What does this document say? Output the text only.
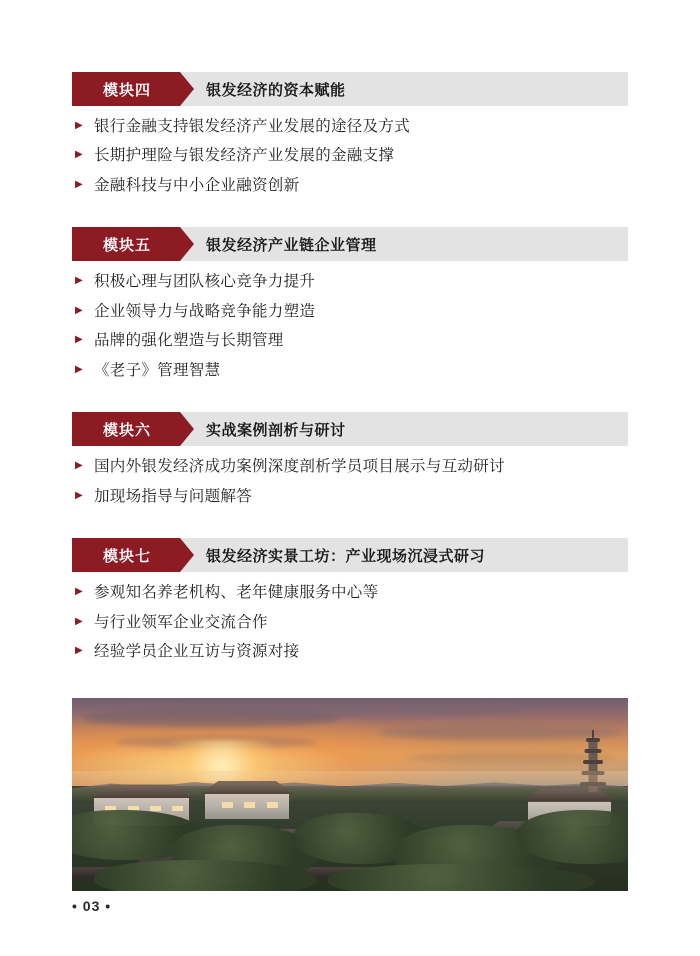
模块四	银发经济的资本赋能
▶ 银行金融支持银发经济产业发展的途径及方式
▶ 长期护理险与银发经济产业发展的金融支撑
▶ 金融科技与中小企业融资创新
模块五	银发经济产业链企业管理
▶ 积极心理与团队核心竞争力提升
▶ 企业领导力与战略竞争能力塑造
▶ 品牌的强化塑造与长期管理
▶ 《老子》管理智慧
模块六	实战案例剖析与研讨
▶ 国内外银发经济成功案例深度剖析学员项目展示与互动研讨
▶ 加现场指导与问题解答
模块七	银发经济实景工坊：产业现场沉浸式研习
▶ 参观知名养老机构、老年健康服务中心等
▶ 与行业领军企业交流合作
▶ 经验学员企业互访与资源对接
• 03 •
